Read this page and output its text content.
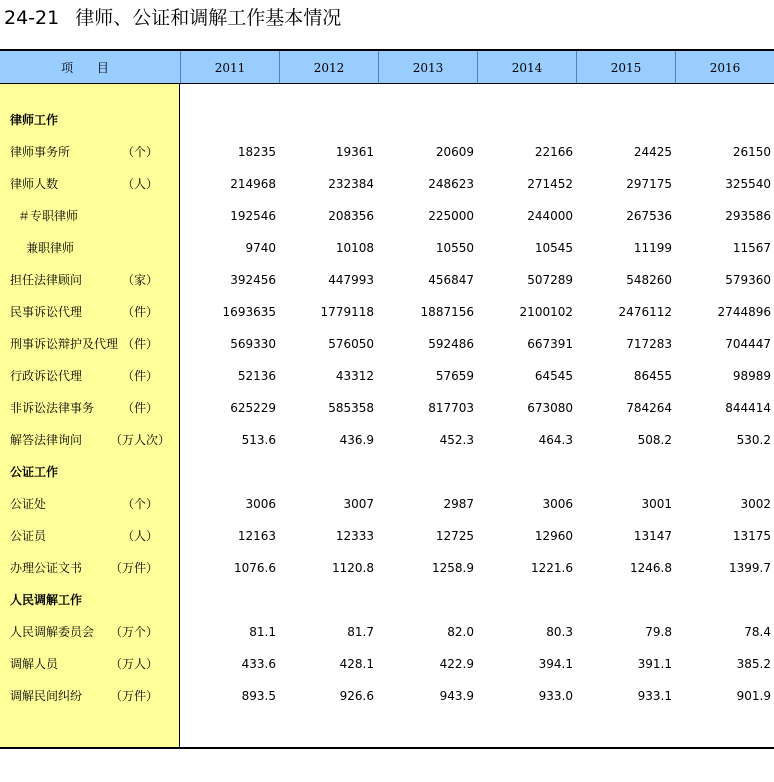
24-21 律师、公证和调解工作基本情况
项 目	2011	2012	2013	2014	2015	2016
律师工作
律师事务所	（个）	18235	19361	20609	22166	24425	26150
律师人数	（人）	214968	232384	248623	271452	297175	325540
＃专职律师	192546	208356	225000	244000	267536	293586
兼职律师	9740	10108	10550	10545	11199	11567
担任法律顾问	（家）	392456	447993	456847	507289	548260	579360
民事诉讼代理	（件）	1693635	1779118	1887156	2100102	2476112	2744896
刑事诉讼辩护及代理 （件）	569330	576050	592486	667391	717283	704447
行政诉讼代理	（件）	52136	43312	57659	64545	86455	98989
非诉讼法律事务	（件）	625229	585358	817703	673080	784264	844414
解答法律询问	（万人次）	513.6	436.9	452.3	464.3	508.2	530.2
公证工作
公证处	（个）	3006	3007	2987	3006	3001	3002
公证员	（人）	12163	12333	12725	12960	13147	13175
办理公证文书	（万件）	1076.6	1120.8	1258.9	1221.6	1246.8	1399.7
人民调解工作
人民调解委员会	（万个）	81.1	81.7	82.0	80.3	79.8	78.4
调解人员	（万人）	433.6	428.1	422.9	394.1	391.1	385.2
调解民间纠纷	（万件）	893.5	926.6	943.9	933.0	933.1	901.9
